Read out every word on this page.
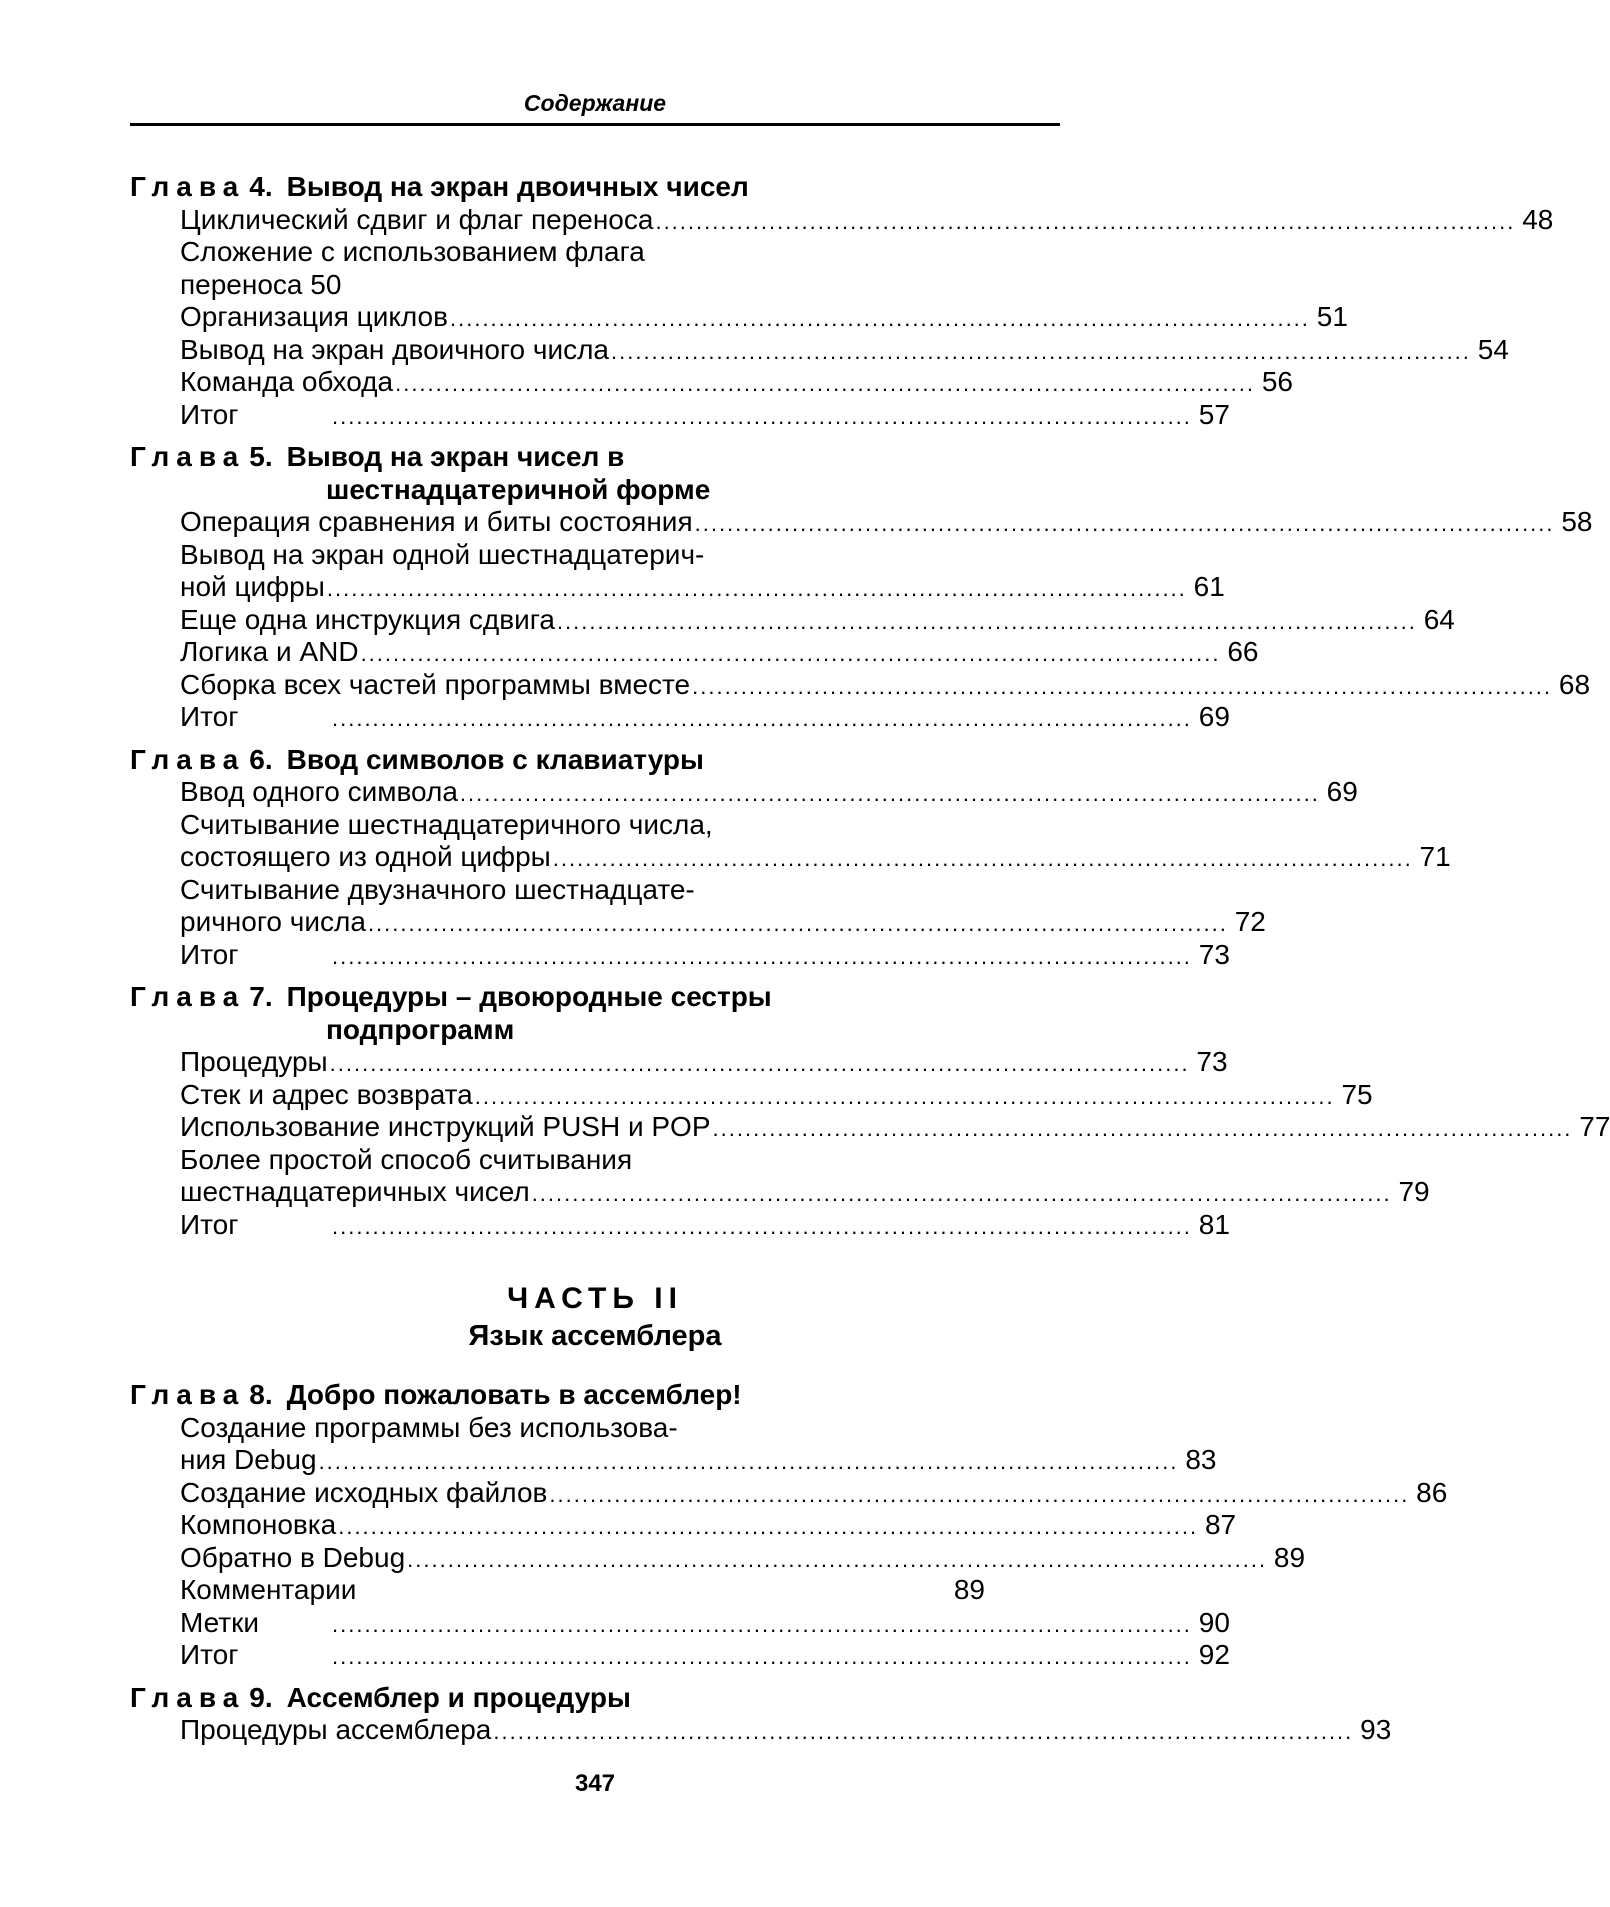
Содержание
Глава 4. Вывод на экран двоичных чисел
Циклический сдвиг и флаг переноса .......................................................................................................... 48
Сложение с использованием флага
переноса 50
Организация циклов .......................................................................................................... 51
Вывод на экран двоичного числа .......................................................................................................... 54
Команда обхода .......................................................................................................... 56
Итог	.......................................................................................................... 57
Глава 5. Вывод на экран чисел в
шестнадцатеричной форме
Операция сравнения и биты состояния .......................................................................................................... 58
Вывод на экран одной шестнадцатерич-
ной цифры .......................................................................................................... 61
Еще одна инструкция сдвига .......................................................................................................... 64
Логика и AND .......................................................................................................... 66
Сборка всех частей программы вместе .......................................................................................................... 68
Итог	.......................................................................................................... 69
Глава 6. Ввод символов с клавиатуры
Ввод одного символа .......................................................................................................... 69
Считывание шестнадцатеричного числа,
состоящего из одной цифры .......................................................................................................... 71
Считывание двузначного шестнадцате-
ричного числа .......................................................................................................... 72
Итог	.......................................................................................................... 73
Глава 7. Процедуры – двоюродные сестры
подпрограмм
Процедуры .......................................................................................................... 73
Стек и адрес возврата .......................................................................................................... 75
Использование инструкций PUSH и POP .......................................................................................................... 77
Более простой способ считывания
шестнадцатеричных чисел .......................................................................................................... 79
Итог	.......................................................................................................... 81
Глава 8. Добро пожаловать в ассемблер!
Создание программы без использова-
ния Debug .......................................................................................................... 83
Создание исходных файлов .......................................................................................................... 86
Компоновка .......................................................................................................... 87
Обратно в Debug .......................................................................................................... 89
Комментарии	89
Метки	.......................................................................................................... 90
Итог	.......................................................................................................... 92
Глава 9. Ассемблер и процедуры
Процедуры ассемблера .......................................................................................................... 93
ЧАСТЬ II
Язык ассемблера
347
